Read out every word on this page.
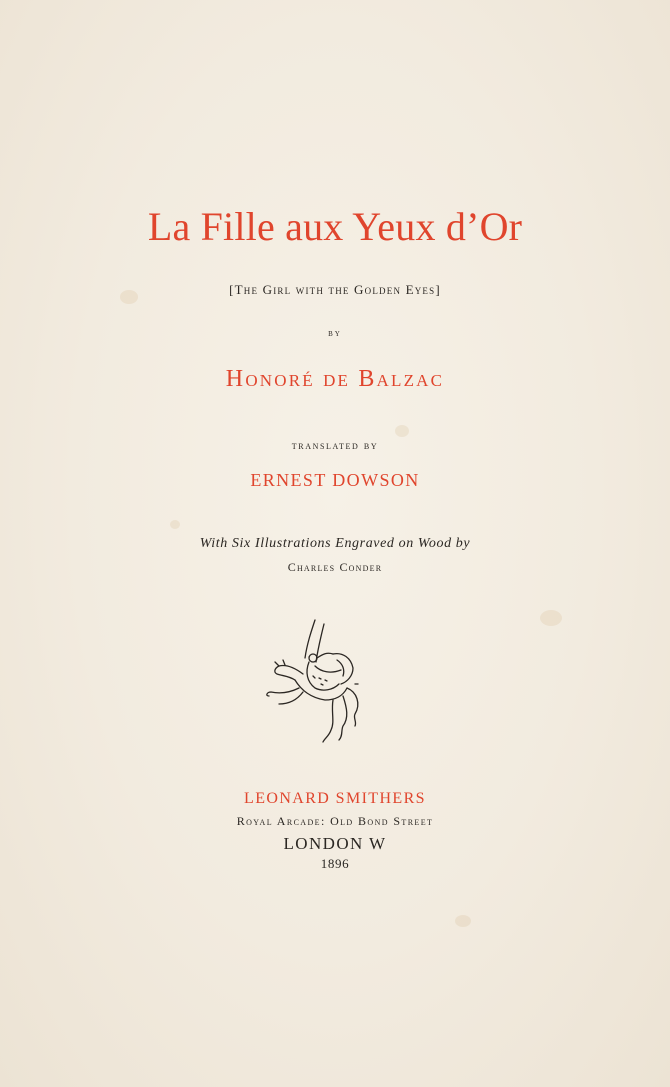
La Fille aux Yeux d’Or
[The Girl with the Golden Eyes]
by
Honoré de Balzac
translated by
ERNEST DOWSON
With Six Illustrations Engraved on Wood by
Charles Conder
LEONARD SMITHERS
Royal Arcade: Old Bond Street
LONDON W
1896
